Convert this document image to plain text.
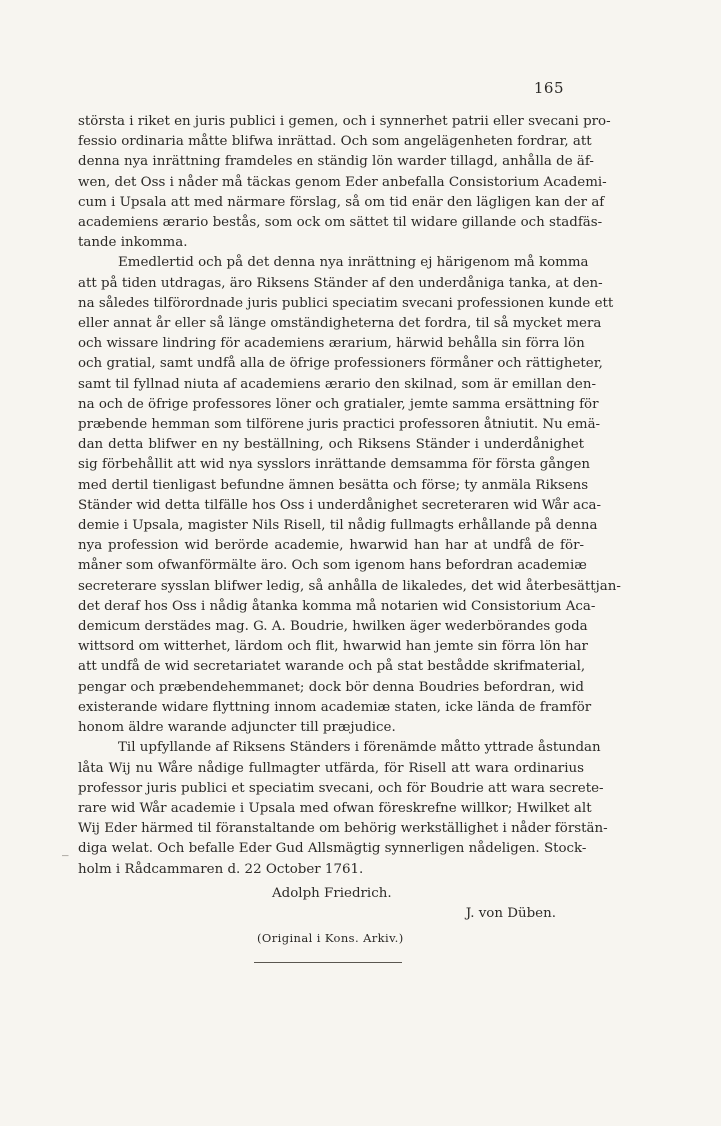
165
_
största i riket en juris publici i gemen, och i synnerhet patrii eller svecani pro-
fessio ordinaria måtte blifwa inrättad. Och som angelägenheten fordrar, att
denna nya inrättning framdeles en ständig lön warder tillagd, anhålla de äf-
wen, det Oss i nåder må täckas genom Eder anbefalla Consistorium Academi-
cum i Upsala att med närmare förslag, så om tid enär den lägligen kan der af
academiens ærario bestås, som ock om sättet til widare gillande och stadfäs-
tande inkomma.
Emedlertid och på det denna nya inrättning ej härigenom må komma
att på tiden utdragas, äro Riksens Ständer af den underdåniga tanka, at den-
na således tilförordnade juris publici speciatim svecani professionen kunde ett
eller annat år eller så länge omständigheterna det fordra, til så mycket mera
och wissare lindring för academiens ærarium, härwid behålla sin förra lön
och gratial, samt undfå alla de öfrige professioners förmåner och rättigheter,
samt til fyllnad niuta af academiens ærario den skilnad, som är emillan den-
na och de öfrige professores löner och gratialer, jemte samma ersättning för
præbende hemman som tilförene juris practici professoren åtniutit. Nu emä-
dan detta blifwer en ny beställning, och Riksens Ständer i underdånighet
sig förbehållit att wid nya sysslors inrättande demsamma för första gången
med dertil tienligast befundne ämnen besätta och förse; ty anmäla Riksens
Ständer wid detta tilfälle hos Oss i underdånighet secreteraren wid Wår aca-
demie i Upsala, magister Nils Risell, til nådig fullmagts erhållande på denna
nya profession wid berörde academie, hwarwid han har at undfå de för-
måner som ofwanförmälte äro. Och som igenom hans befordran academiæ
secreterare sysslan blifwer ledig, så anhålla de likaledes, det wid återbesättjan-
det deraf hos Oss i nådig åtanka komma må notarien wid Consistorium Aca-
demicum derstädes mag. G. A. Boudrie, hwilken äger wederbörandes goda
wittsord om witterhet, lärdom och flit, hwarwid han jemte sin förra lön har
att undfå de wid secretariatet warande och på stat bestådde skrifmaterial,
pengar och præbendehemmanet; dock bör denna Boudries befordran, wid
existerande widare flyttning innom academiæ staten, icke lända de framför
honom äldre warande adjuncter till præjudice.
Til upfyllande af Riksens Ständers i förenämde måtto yttrade åstundan
låta Wij nu Wåre nådige fullmagter utfärda, för Risell att wara ordinarius
professor juris publici et speciatim svecani, och för Boudrie att wara secrete-
rare wid Wår academie i Upsala med ofwan föreskrefne willkor; Hwilket alt
Wij Eder härmed til föranstaltande om behörig werkställighet i nåder förstän-
diga welat. Och befalle Eder Gud Allsmägtig synnerligen nådeligen. Stock-
holm i Rådcammaren d. 22 October 1761.
Adolph Friedrich.
J. von Düben.
(Original i Kons. Arkiv.)
